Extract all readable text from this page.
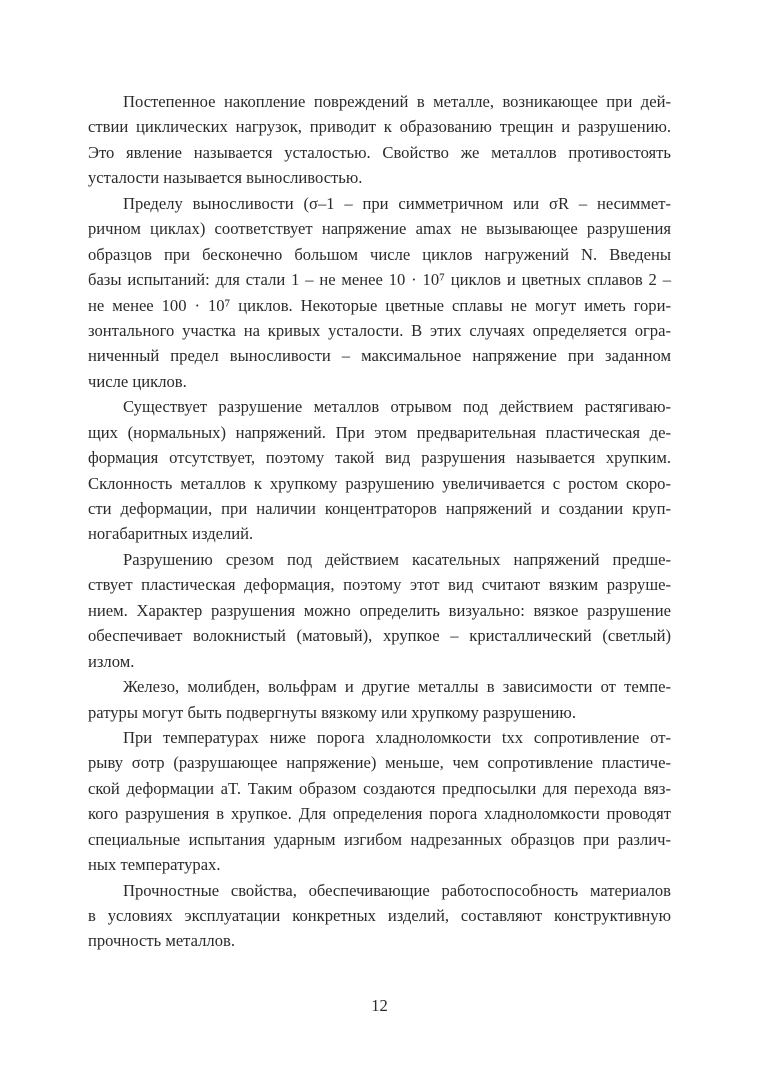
Постепенное накопление повреждений в металле, возникающее при дей-
ствии циклических нагрузок, приводит к образованию трещин и разрушению.
Это явление называется усталостью. Свойство же металлов противостоять
усталости называется выносливостью.
Пределу выносливости (σ–1 – при симметричном или σR – несиммет-
ричном циклах) соответствует напряжение amax не вызывающее разрушения
образцов при бесконечно большом числе циклов нагружений N. Введены
базы испытаний: для стали 1 – не менее 10 · 10⁷ циклов и цветных сплавов 2 –
не менее 100 · 10⁷ циклов. Некоторые цветные сплавы не могут иметь гори-
зонтального участка на кривых усталости. В этих случаях определяется огра-
ниченный предел выносливости – максимальное напряжение при заданном
числе циклов.
Существует разрушение металлов отрывом под действием растягиваю-
щих (нормальных) напряжений. При этом предварительная пластическая де-
формация отсутствует, поэтому такой вид разрушения называется хрупким.
Склонность металлов к хрупкому разрушению увеличивается с ростом скоро-
сти деформации, при наличии концентраторов напряжений и создании круп-
ногабаритных изделий.
Разрушению срезом под действием касательных напряжений предше-
ствует пластическая деформация, поэтому этот вид считают вязким разруше-
нием. Характер разрушения можно определить визуально: вязкое разрушение
обеспечивает волокнистый (матовый), хрупкое – кристаллический (светлый)
излом.
Железо, молибден, вольфрам и другие металлы в зависимости от темпе-
ратуры могут быть подвергнуты вязкому или хрупкому разрушению.
При температурах ниже порога хладноломкости tхх сопротивление от-
рыву σотр (разрушающее напряжение) меньше, чем сопротивление пластиче-
ской деформации aT. Таким образом создаются предпосылки для перехода вяз-
кого разрушения в хрупкое. Для определения порога хладноломкости проводят
специальные испытания ударным изгибом надрезанных образцов при различ-
ных температурах.
Прочностные свойства, обеспечивающие работоспособность материалов
в условиях эксплуатации конкретных изделий, составляют конструктивную
прочность металлов.
12
